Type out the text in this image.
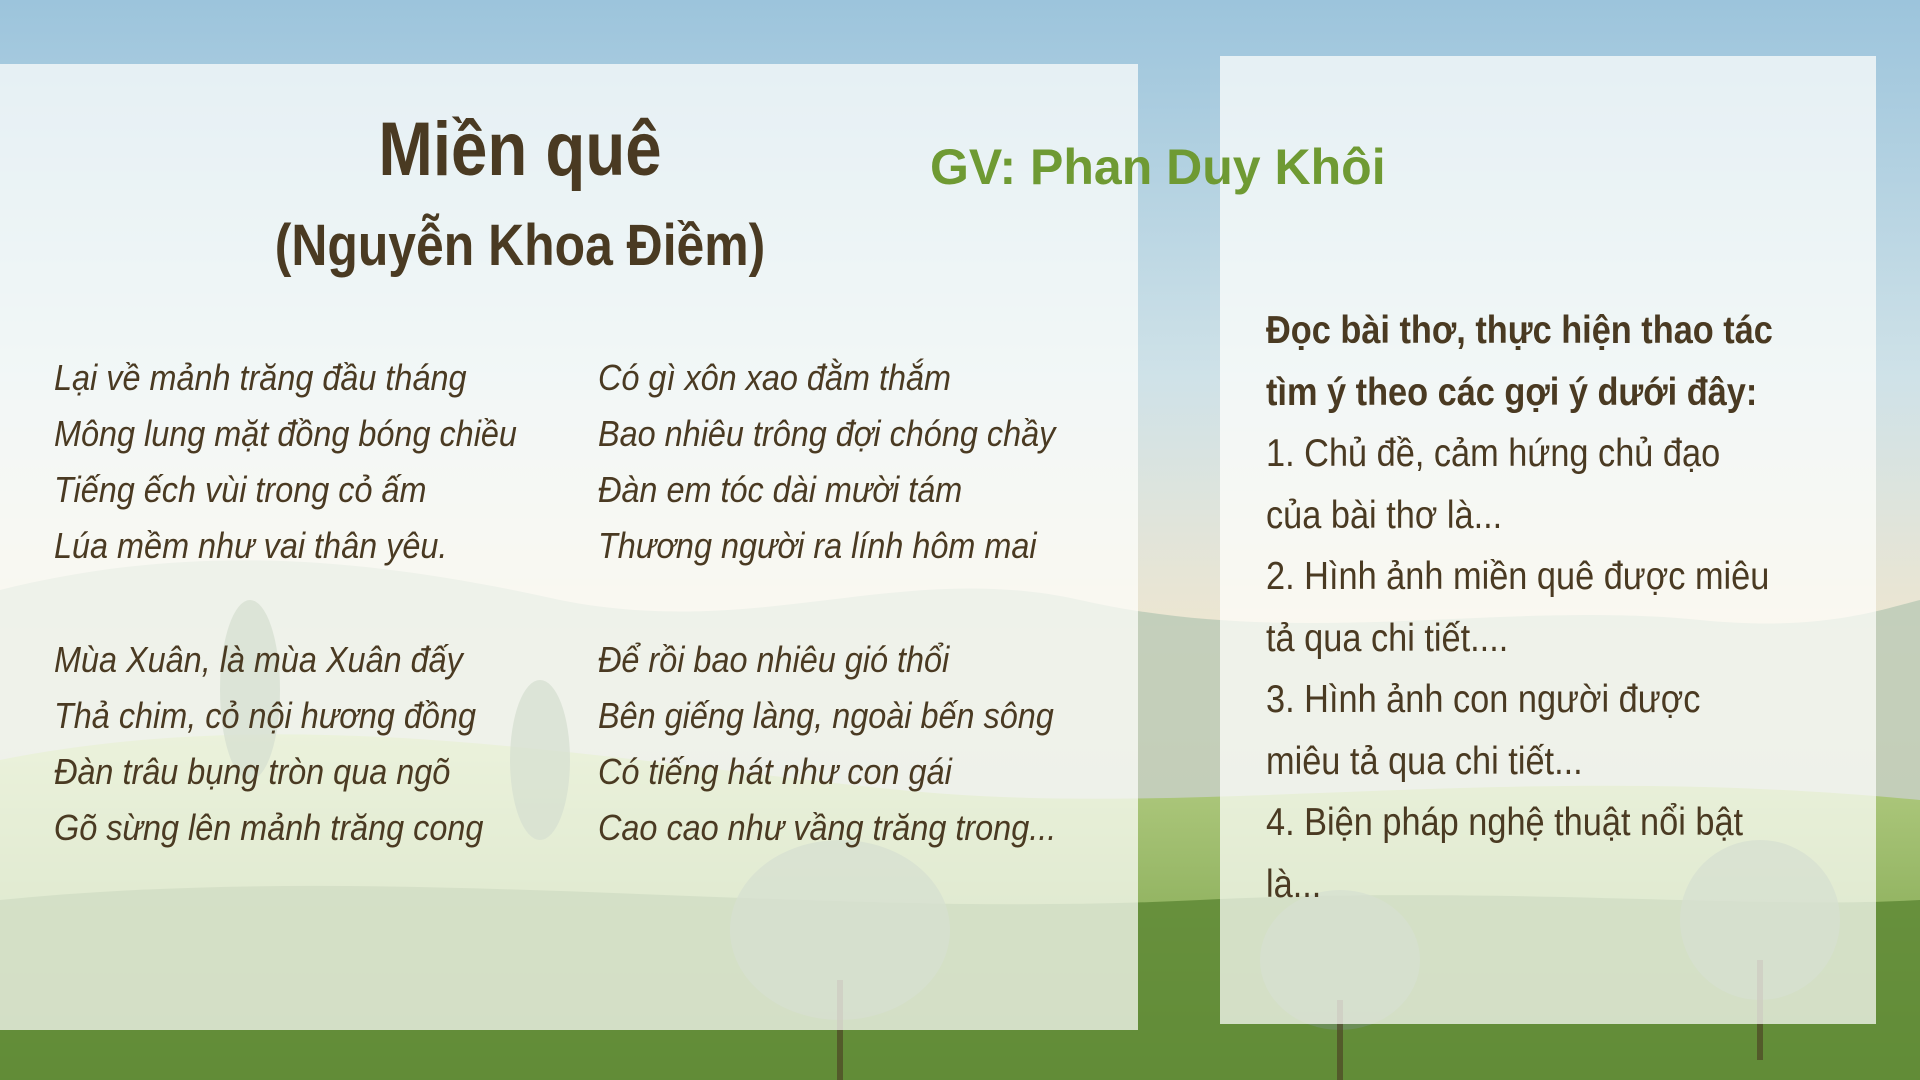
Miền quê
(Nguyễn Khoa Điềm)
GV: Phan Duy Khôi
Lại về mảnh trăng đầu tháng
Mông lung mặt đồng bóng chiều
Tiếng ếch vùi trong cỏ ấm
Lúa mềm như vai thân yêu.
Có gì xôn xao đằm thắm
Bao nhiêu trông đợi chóng chầy
Đàn em tóc dài mười tám
Thương người ra lính hôm mai
Mùa Xuân, là mùa Xuân đấy
Thả chim, cỏ nội hương đồng
Đàn trâu bụng tròn qua ngõ
Gõ sừng lên mảnh trăng cong
Để rồi bao nhiêu gió thổi
Bên giếng làng, ngoài bến sông
Có tiếng hát như con gái
Cao cao như vầng trăng trong...
Đọc bài thơ, thực hiện thao tác
tìm ý theo các gợi ý dưới đây:
1. Chủ đề, cảm hứng chủ đạo
của bài thơ là...
2. Hình ảnh miền quê được miêu
tả qua chi tiết....
3. Hình ảnh con người được
miêu tả qua chi tiết...
4. Biện pháp nghệ thuật nổi bật
là...
